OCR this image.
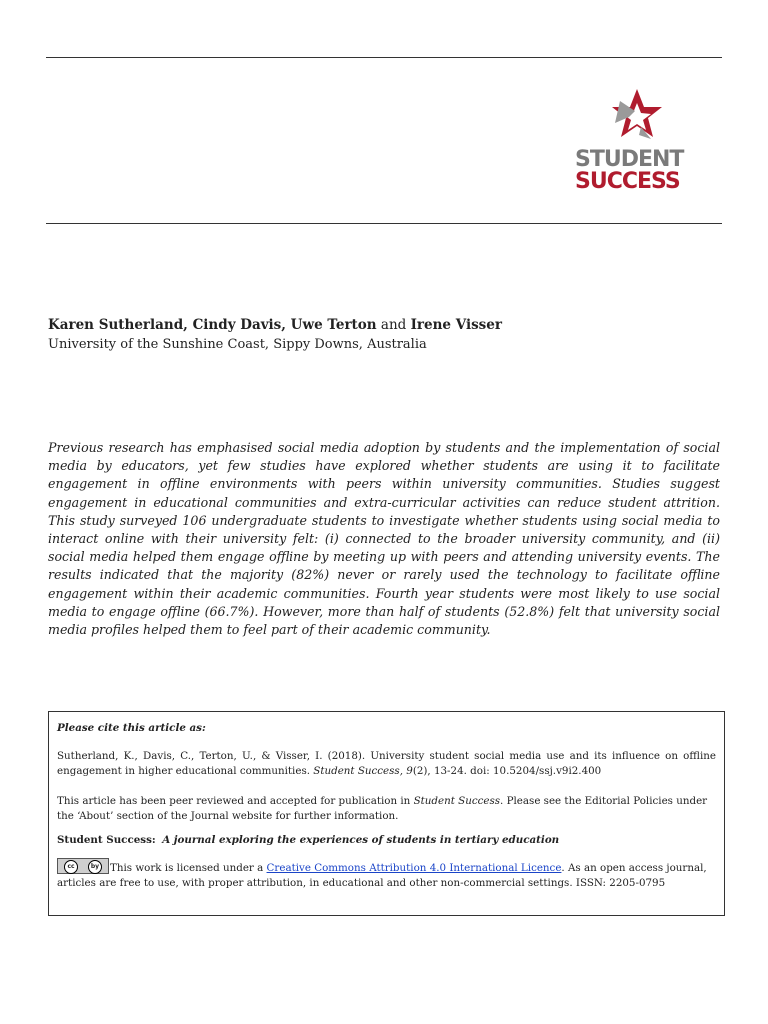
STUDENT
SUCCESS
Karen Sutherland, Cindy Davis, Uwe Terton and Irene Visser
University of the Sunshine Coast, Sippy Downs, Australia
Previous research has emphasised social media adoption by students and the implementation of social media by educators, yet few studies have explored whether students are using it to facilitate engagement in offline environments with peers within university communities. Studies suggest engagement in educational communities and extra-curricular activities can reduce student attrition. This study surveyed 106 undergraduate students to investigate whether students using social media to interact online with their university felt: (i) connected to the broader university community, and (ii) social media helped them engage offline by meeting up with peers and attending university events. The results indicated that the majority (82%) never or rarely used the technology to facilitate offline engagement within their academic communities. Fourth year students were most likely to use social media to engage offline (66.7%). However, more than half of students (52.8%) felt that university social media profiles helped them to feel part of their academic community.

Please cite this article as:

Sutherland, K., Davis, C., Terton, U., & Visser, I. (2018). University student social media use and its influence on offline engagement in higher educational communities. Student Success, 9(2), 13-24. doi: 10.5204/ssj.v9i2.400

This article has been peer reviewed and accepted for publication in Student Success. Please see the Editorial Policies under the ‘About’ section of the Journal website for further information.

Student Success: A journal exploring the experiences of students in tertiary education

cc	by This work is licensed under a Creative Commons Attribution 4.0 International Licence. As an open access journal, articles are free to use, with proper attribution, in educational and other non-commercial settings. ISSN: 2205-0795
